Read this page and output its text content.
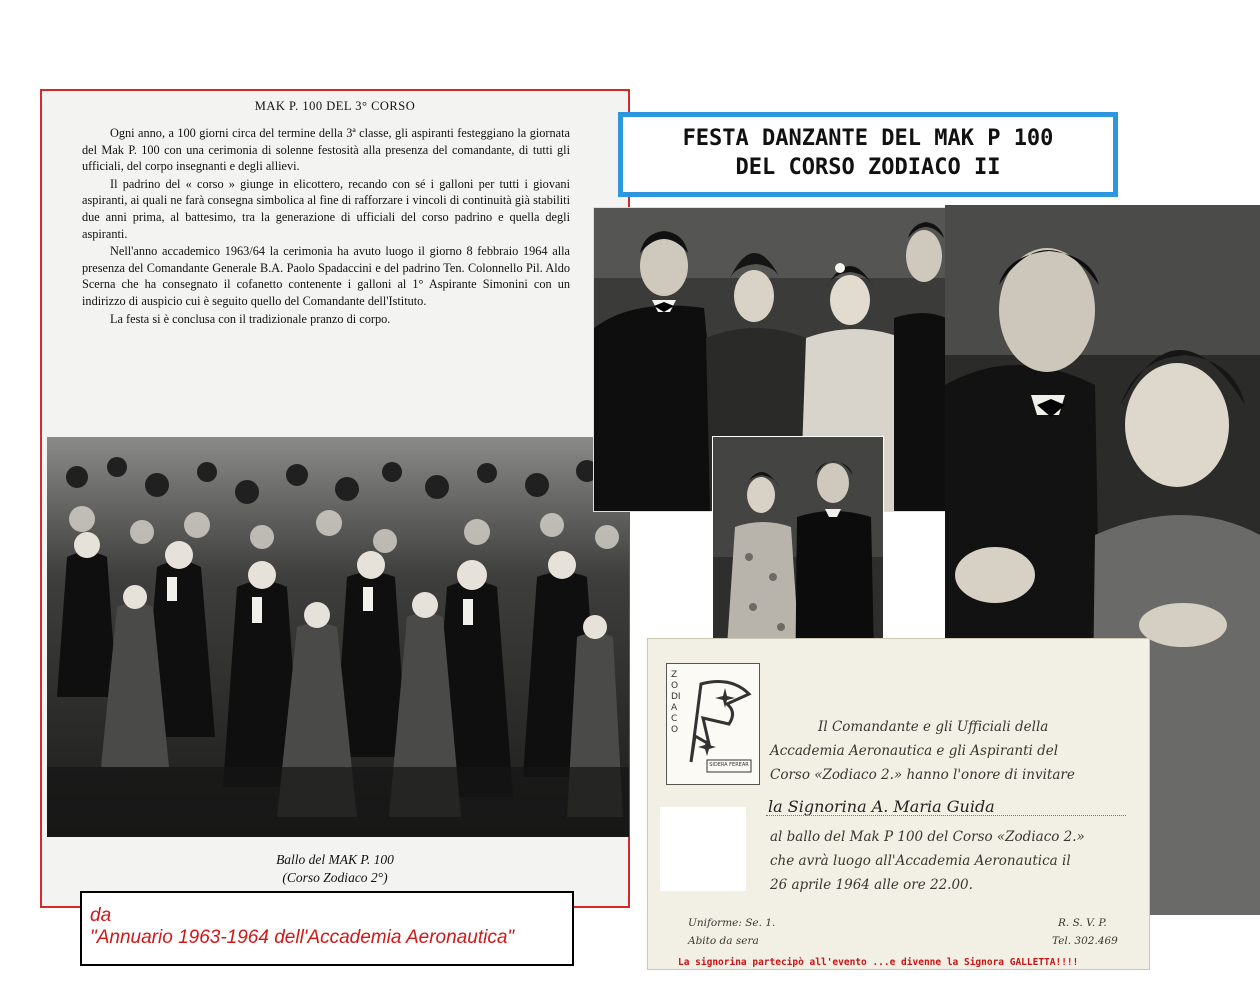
MAK P. 100 DEL 3° CORSO

Ogni anno, a 100 giorni circa del termine della 3ª classe, gli aspiranti festeggiano la giornata del Mak P. 100 con una cerimonia di solenne festosità alla presenza del comandante, di tutti gli ufficiali, del corpo insegnanti e degli allievi.

Il padrino del « corso » giunge in elicottero, recando con sé i galloni per tutti i giovani aspiranti, ai quali ne farà consegna simbolica al fine di rafforzare i vincoli di continuità già stabiliti due anni prima, al battesimo, tra la generazione di ufficiali del corso padrino e quella degli aspiranti.

Nell'anno accademico 1963/64 la cerimonia ha avuto luogo il giorno 8 febbraio 1964 alla presenza del Comandante Generale B.A. Paolo Spadaccini e del padrino Ten. Colonnello Pil. Aldo Scerna che ha consegnato il cofanetto contenente i galloni al 1° Aspirante Simonini con un indirizzo di auspicio cui è seguito quello del Comandante dell'Istituto.

La festa si è conclusa con il tradizionale pranzo di corpo.

Ballo del MAK P. 100
(Corso Zodiaco 2°)
da
"Annuario 1963-1964 dell'Accademia Aeronautica"
FESTA DANZANTE DEL MAK P 100
DEL CORSO ZODIACO II
ZODIACO
SIDERA FEREAR
Il Comandante e gli Ufficiali della
Accademia Aeronautica e gli Aspiranti del
Corso «Zodiaco 2.» hanno l'onore di invitare
la Signorina A. Maria Guida
al ballo del Mak P 100 del Corso «Zodiaco 2.»
che avrà luogo all'Accademia Aeronautica il
26 aprile 1964 alle ore 22.00.
Uniforme: Se. 1.
Abito da sera
R. S. V. P.
Tel. 302.469
La signorina partecipò all'evento ...e divenne la Signora GALLETTA!!!!
